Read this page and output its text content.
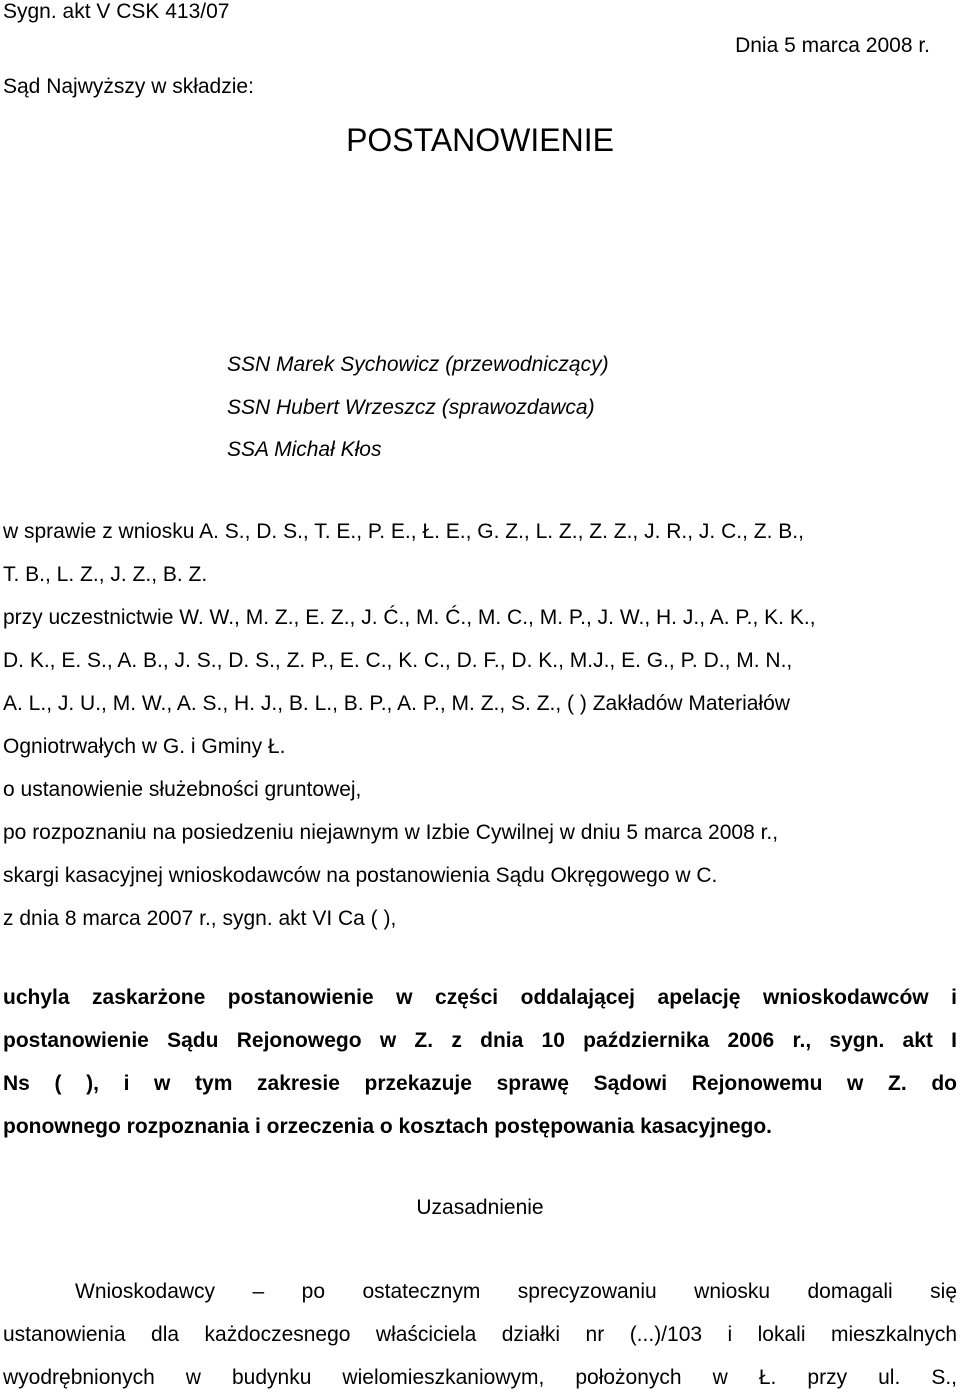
Sygn. akt V CSK 413/07
POSTANOWIENIE
Dnia 5 marca 2008 r.
Sąd Najwyższy w składzie:
SSN Marek Sychowicz (przewodniczący)
SSN Hubert Wrzeszcz (sprawozdawca)
SSA Michał Kłos
w sprawie z wniosku A. S., D. S., T. E., P. E., Ł. E., G. Z., L. Z., Z. Z., J. R., J. C., Z. B.,
T. B., L. Z., J. Z., B. Z.
przy uczestnictwie W. W., M. Z., E. Z., J. Ć., M. Ć., M. C., M. P., J. W., H. J., A. P., K. K.,
D. K., E. S., A. B., J. S., D. S., Z. P., E. C., K. C., D. F., D. K., M.J., E. G., P. D., M. N.,
A. L., J. U., M. W., A. S., H. J., B. L., B. P., A. P., M. Z., S. Z., ( ) Zakładów Materiałów
Ogniotrwałych w G. i Gminy Ł.
o ustanowienie służebności gruntowej,
po rozpoznaniu na posiedzeniu niejawnym w Izbie Cywilnej w dniu 5 marca 2008 r.,
skargi kasacyjnej wnioskodawców na postanowienia Sądu Okręgowego w C.
z dnia 8 marca 2007 r., sygn. akt VI Ca ( ),
uchyla zaskarżone postanowienie w części oddalającej apelację wnioskodawców i
postanowienie Sądu Rejonowego w Z. z dnia 10 października 2006 r., sygn. akt I
Ns ( ), i w tym zakresie przekazuje sprawę Sądowi Rejonowemu w Z. do
ponownego rozpoznania i orzeczenia o kosztach postępowania kasacyjnego.
Uzasadnienie
Wnioskodawcy – po ostatecznym sprecyzowaniu wniosku domagali się
ustanowienia dla każdoczesnego właściciela działki nr (...)/103 i lokali mieszkalnych
wyodrębnionych w budynku wielomieszkaniowym, położonych w Ł. przy ul. S.,
